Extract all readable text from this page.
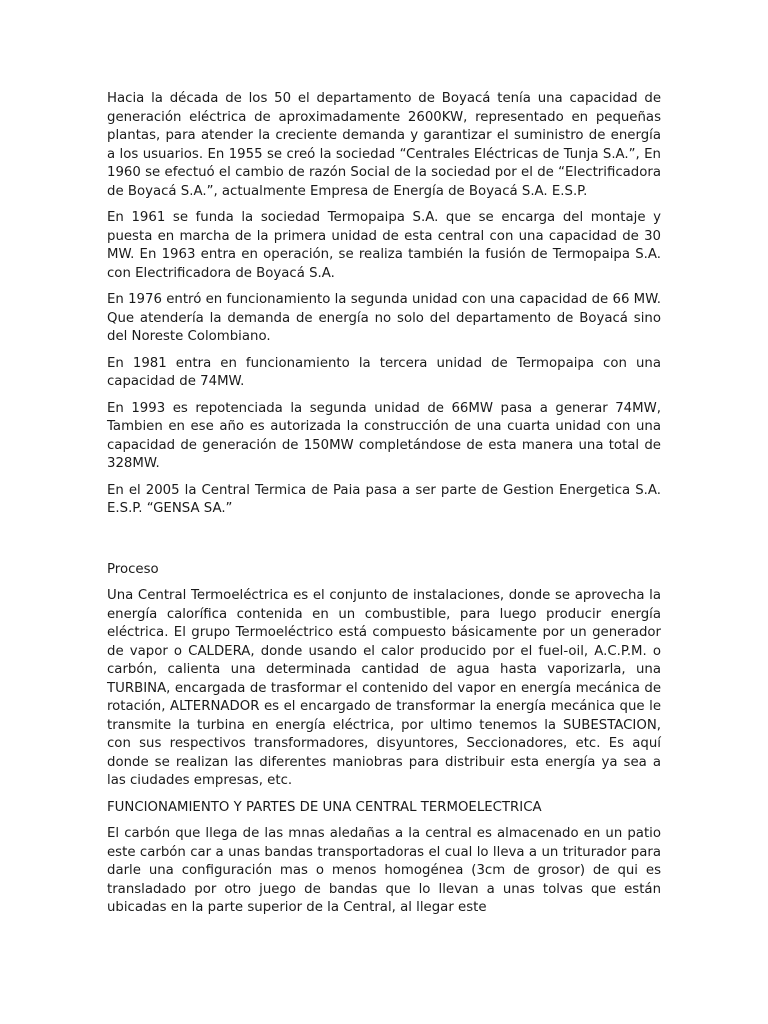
Hacia la década de los 50 el departamento de Boyacá tenía una capacidad de generación eléctrica de aproximadamente 2600KW, representado en pequeñas plantas, para atender la creciente demanda y garantizar el suministro de energía a los usuarios. En 1955 se creó la sociedad “Centrales Eléctricas de Tunja S.A.”, En 1960 se efectuó el cambio de razón Social de la sociedad por el de “Electrificadora de Boyacá S.A.”, actualmente Empresa de Energía de Boyacá S.A. E.S.P.

En 1961 se funda la sociedad Termopaipa S.A. que se encarga del montaje y puesta en marcha de la primera unidad de esta central con una capacidad de 30 MW. En 1963 entra en operación, se realiza también la fusión de Termopaipa S.A. con Electrificadora de Boyacá S.A.

En 1976 entró en funcionamiento la segunda unidad con una capacidad de 66 MW. Que atendería la demanda de energía no solo del departamento de Boyacá sino del Noreste Colombiano.

En 1981 entra en funcionamiento la tercera unidad de Termopaipa con una capacidad de 74MW.

En 1993 es repotenciada la segunda unidad de 66MW pasa a generar 74MW, Tambien en ese año es autorizada la construcción de una cuarta unidad con una capacidad de generación de 150MW completándose de esta manera una total de 328MW.

En el 2005 la Central Termica de Paia pasa a ser parte de Gestion Energetica S.A. E.S.P. “GENSA SA.”

Proceso

Una Central Termoeléctrica es el conjunto de instalaciones, donde se aprovecha la energía calorífica contenida en un combustible, para luego producir energía eléctrica. El grupo Termoeléctrico está compuesto básicamente por un generador de vapor o CALDERA, donde usando el calor producido por el fuel-oil, A.C.P.M. o carbón, calienta una determinada cantidad de agua hasta vaporizarla, una TURBINA, encargada de trasformar el contenido del vapor en energía mecánica de rotación, ALTERNADOR es el encargado de transformar la energía mecánica que le transmite la turbina en energía eléctrica, por ultimo tenemos la SUBESTACION, con sus respectivos transformadores, disyuntores, Seccionadores, etc. Es aquí donde se realizan las diferentes maniobras para distribuir esta energía ya sea a las ciudades empresas, etc.

FUNCIONAMIENTO Y PARTES DE UNA CENTRAL TERMOELECTRICA

El carbón que llega de las mnas aledañas a la central es almacenado en un patio este carbón car a unas bandas transportadoras el cual lo lleva a un triturador para darle una configuración mas o menos homogénea (3cm de grosor) de qui es transladado por otro juego de bandas que lo llevan a unas tolvas que están ubicadas en la parte superior de la Central, al llegar este
